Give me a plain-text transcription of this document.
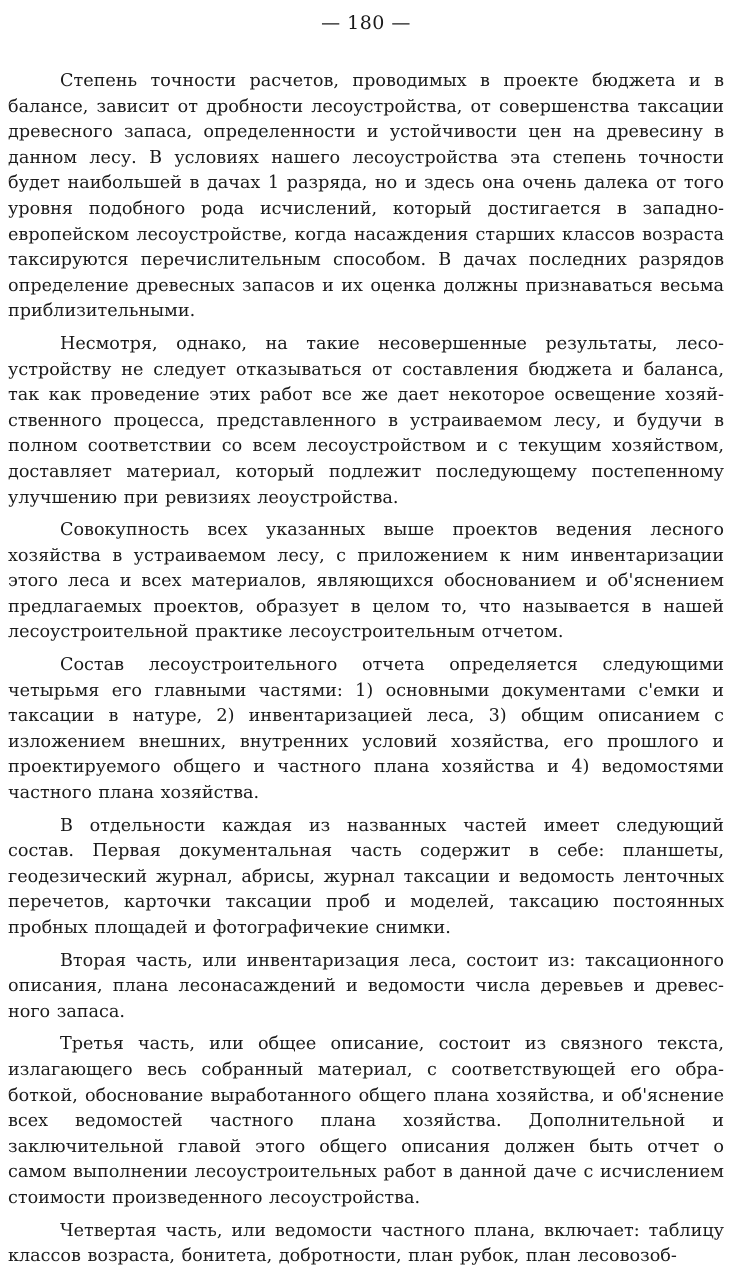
— 180 —

Степень точности расчетов, проводимых в проекте бюджета и в балансе, зависит от дробности лесоустройства, от совершенства таксации древесного запаса, определенности и устойчивости цен на древесину в данном лесу. В условиях нашего лесоустройства эта степень точности будет наибольшей в дачах 1 разряда, но и здесь она очень далека от того уровня подобного рода исчислений, который достигается в западно-европейском лесоустройстве, когда насаждения старших классов возраста таксируются перечислительным способом. В дачах последних разрядов определение древесных запасов и их оценка должны признаваться весьма приблизительными.

Несмотря, однако, на такие несовершенные результаты, лесоустройству не следует отказываться от составления бюджета и баланса, так как проведение этих работ все же дает некоторое освещение хозяйственного процесса, представленного в устраиваемом лесу, и будучи в полном соответствии со всем лесоустройством и с текущим хозяйством, доставляет материал, который подлежит последующему постепенному улучшению при ревизиях леоустройства.

Совокупность всех указанных выше проектов ведения лесного хозяйства в устраиваемом лесу, с приложением к ним инвентаризации этого леса и всех материалов, являющихся обоснованием и об'яснением предлагаемых проектов, образует в целом то, что называется в нашей лесоустроительной практике лесоустроительным отчетом.

Состав лесоустроительного отчета определяется следующими четырьмя его главными частями: 1) основными документами с'емки и таксации в натуре, 2) инвентаризацией леса, 3) общим описанием с изложением внешних, внутренних условий хозяйства, его прошлого и проектируемого общего и частного плана хозяйства и 4) ведомостями частного плана хозяйства.

В отдельности каждая из названных частей имеет следующий состав. Первая документальная часть содержит в себе: планшеты, геодезический журнал, абрисы, журнал таксации и ведомость ленточных перечетов, карточки таксации проб и моделей, таксацию постоянных пробных площадей и фотографичекие снимки.

Вторая часть, или инвентаризация леса, состоит из: таксационного описания, плана лесонасаждений и ведомости числа деревьев и древесного запаса.

Третья часть, или общее описание, состоит из связного текста, излагающего весь собранный материал, с соответствующей его обработкой, обоснование выработанного общего плана хозяйства, и об'яснение всех ведомостей частного плана хозяйства. Дополнительной и заключительной главой этого общего описания должен быть отчет о самом выполнении лесоустроительных работ в данной даче с исчислением стоимости произведенного лесоустройства.

Четвертая часть, или ведомости частного плана, включает: таблицу классов возраста, бонитета, добротности, план рубок, план лесовозоб-
